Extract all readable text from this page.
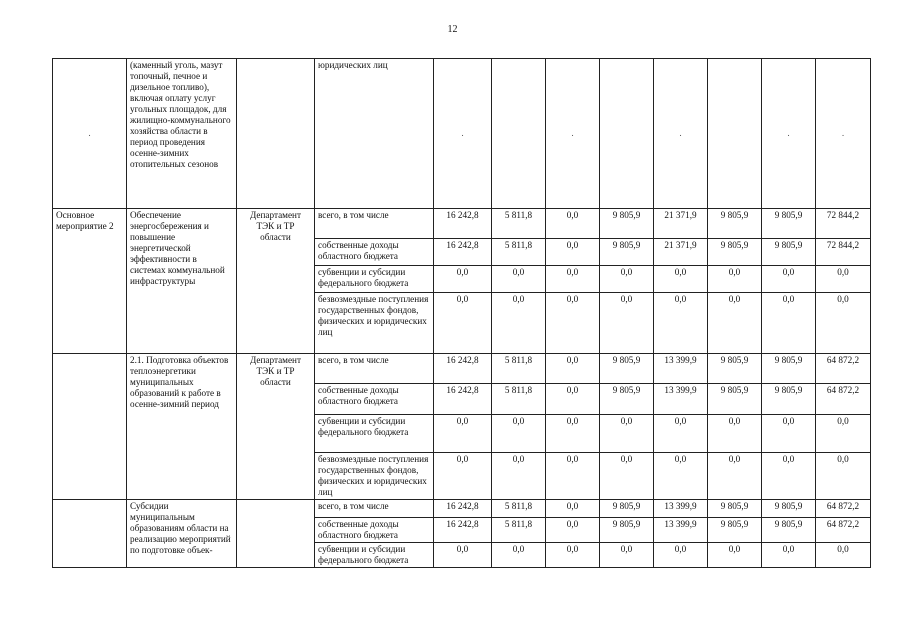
12
.	(каменный уголь, мазут топочный, печное и дизельное топливо), включая оплату услуг угольных площадок, для жилищно-коммунального хозяйства области в период проведения осенне-зимних отопительных сезонов		юридических лиц	.		.		.		.	.
Основное мероприятие 2	Обеспечение энергосбережения и повышение энергетической эффективности в системах коммунальной инфраструктуры	Департамент ТЭК и ТР области	всего, в том числе	16 242,8	5 811,8	0,0	9 805,9	21 371,9	9 805,9	9 805,9	72 844,2
			собственные доходы областного бюджета	16 242,8	5 811,8	0,0	9 805,9	21 371,9	9 805,9	9 805,9	72 844,2
			субвенции и субсидии федерального бюджета	0,0	0,0	0,0	0,0	0,0	0,0	0,0	0,0
			безвозмездные поступления государственных фондов, физических и юридических лиц	0,0	0,0	0,0	0,0	0,0	0,0	0,0	0,0
	2.1. Подготовка объектов теплоэнергетики муниципальных образований к работе в осенне-зимний период	Департамент ТЭК и ТР области	всего, в том числе	16 242,8	5 811,8	0,0	9 805,9	13 399,9	9 805,9	9 805,9	64 872,2
			собственные доходы областного бюджета	16 242,8	5 811,8	0,0	9 805,9	13 399,9	9 805,9	9 805,9	64 872,2
			субвенции и субсидии федерального бюджета	0,0	0,0	0,0	0,0	0,0	0,0	0,0	0,0
			безвозмездные поступления государственных фондов, физических и юридических лиц	0,0	0,0	0,0	0,0	0,0	0,0	0,0	0,0
	Субсидии муниципальным образованиям области на реализацию мероприятий по подготовке объек-		всего, в том числе	16 242,8	5 811,8	0,0	9 805,9	13 399,9	9 805,9	9 805,9	64 872,2
			собственные доходы областного бюджета	16 242,8	5 811,8	0,0	9 805,9	13 399,9	9 805,9	9 805,9	64 872,2
			субвенции и субсидии федерального бюджета	0,0	0,0	0,0	0,0	0,0	0,0	0,0	0,0
